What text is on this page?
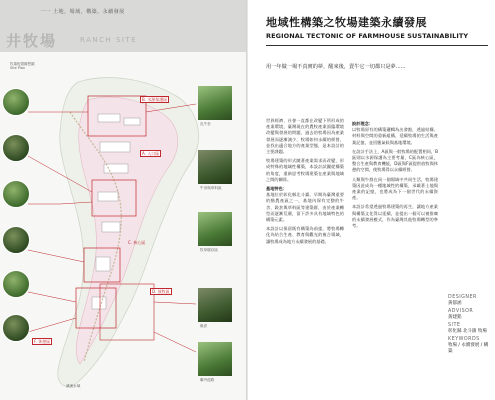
一一 土地，場域，構築，永續發展
井牧場	RANCH SITE
牧場配置構想圖
Site Plan
B. 水源保護區
A. 入口區
C. 核心區
D. 放牧區
F. 休憩區
乳牛舍
牛舍與草料區
牧草儲存區
穀倉
聯外道路
溪流水域
地域性構築之牧場建築永續發展
REGIONAL TECTONIC OF FARMHOUSE SUSTAINABILITY
用一年做一場不真實的夢，醒來後，賣牛它一切都只是夢......

世界經濟、社會一直都在改變下所形成的產業環境，臺灣現在的農牧產業面臨環境改變與發展的問題，過去的牧場因為產業發展而逐漸減少，牧場如何永續的經營，並找出適合地方的產業型態，是本設計的主要課題。

牧場建築的形式隨著產業需求而改變，形成特殊的地域性構築，本設計試圖從構築的角度，重新思考牧場建築在產業與地域之間的關係。

基地特色：

基地位於彰化縣北斗鎮，早期為臺灣重要的酪農產區之一，基地內保有完整的牛舍、穀倉與草料區等建築群，由於產業轉型而逐漸荒廢，留下許多具有地域特色的構築元素。

本設計以保留既有構築為前提，將牧場轉化為結合生產、教育與觀光的複合場域，讓牧場成為地方永續發展的基礎。

設計理念：

以牧場原有的構築邏輯為出發點，透過結構、材料與空間的重新組構，延續牧場的生活與產業記憶，並回應氣候與基地環境。

在設計手法上，A區與一般牧場的配置相同，B區則以水源保護為主要考量，C區為核心區，整合生產與教育機能，D區與F區提供放牧與休憩的空間，使牧場得以永續經營。

人類與牛群在同一個場域中共同生活，牧場建築因此成為一種地域性的構築，承載著土地與產業的記憶，也將成為下一個世代的永續資產。

本設計希望透過牧場建築的再生，讓地方產業與構築文化得以延續，並提出一個可以被推廣的永續發展模式，作為臺灣其他牧場轉型的參考。

DESIGNER
黃郁涵
ADVISOR
黃建銘
SITE
彰化縣 北斗鎮 牧場
KEYWORDS
牧場 / 永續發展 / 構築
